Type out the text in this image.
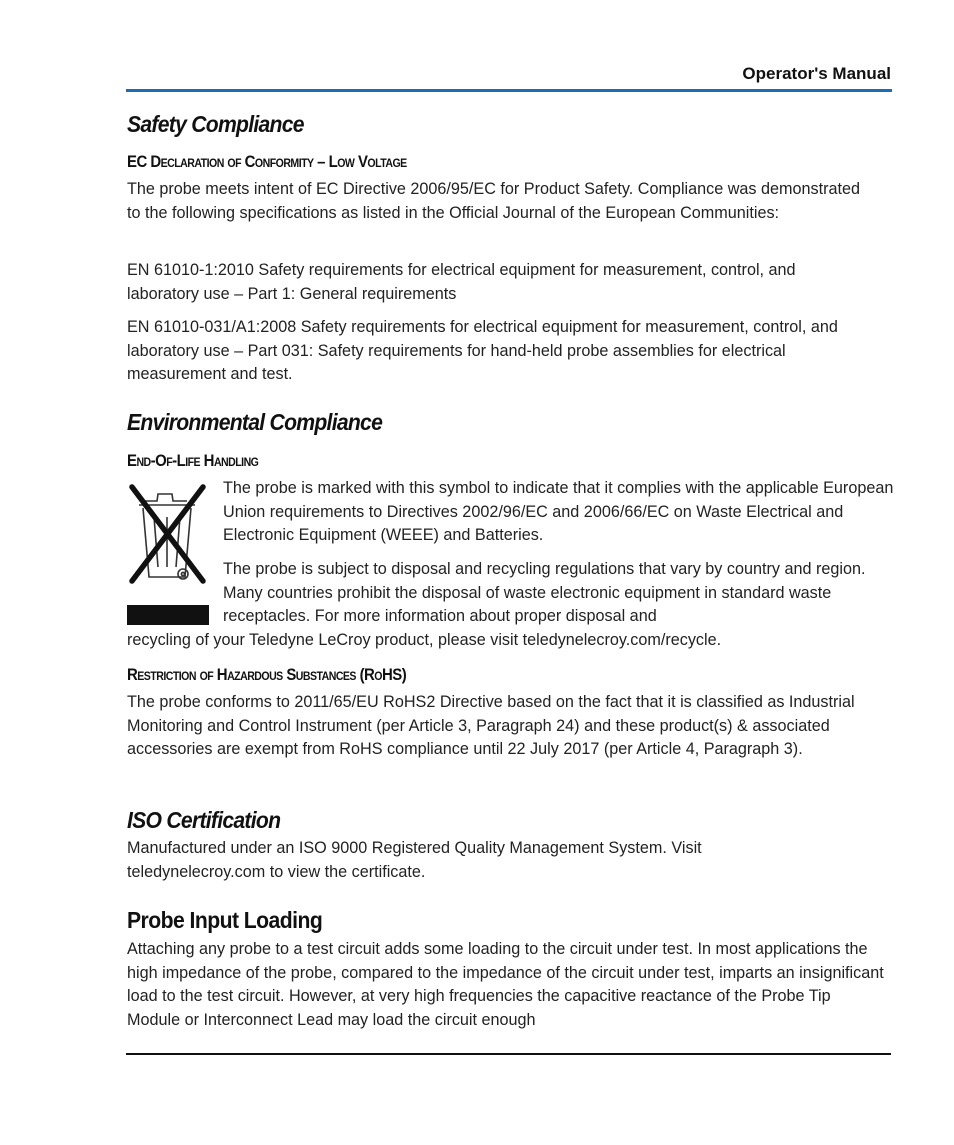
Operator's Manual
Safety Compliance
EC Declaration of Conformity – Low Voltage

The probe meets intent of EC Directive 2006/95/EC for Product Safety. Compliance was demonstrated to the following specifications as listed in the Official Journal of the European Communities:

EN 61010-1:2010 Safety requirements for electrical equipment for measurement, control, and laboratory use – Part 1: General requirements

EN 61010-031/A1:2008 Safety requirements for electrical equipment for measurement, control, and laboratory use – Part 031: Safety requirements for hand-held probe assemblies for electrical measurement and test.

Environmental Compliance
End-Of-Life Handling

The probe is marked with this symbol to indicate that it complies with the applicable European Union requirements to Directives 2002/96/EC and 2006/66/EC on Waste Electrical and Electronic Equipment (WEEE) and Batteries.

The probe is subject to disposal and recycling regulations that vary by country and region. Many countries prohibit the disposal of waste electronic equipment in standard waste receptacles. For more information about proper disposal and

recycling of your Teledyne LeCroy product, please visit teledynelecroy.com/recycle.

Restriction of Hazardous Substances (RoHS)

The probe conforms to 2011/65/EU RoHS2 Directive based on the fact that it is classified as Industrial Monitoring and Control Instrument (per Article 3, Paragraph 24) and these product(s) & associated accessories are exempt from RoHS compliance until 22 July 2017 (per Article 4, Paragraph 3).

ISO Certification

Manufactured under an ISO 9000 Registered Quality Management System. Visit teledynelecroy.com to view the certificate.

Probe Input Loading

Attaching any probe to a test circuit adds some loading to the circuit under test. In most applications the high impedance of the probe, compared to the impedance of the circuit under test, imparts an insignificant load to the test circuit. However, at very high frequencies the capacitive reactance of the Probe Tip Module or Interconnect Lead may load the circuit enough
